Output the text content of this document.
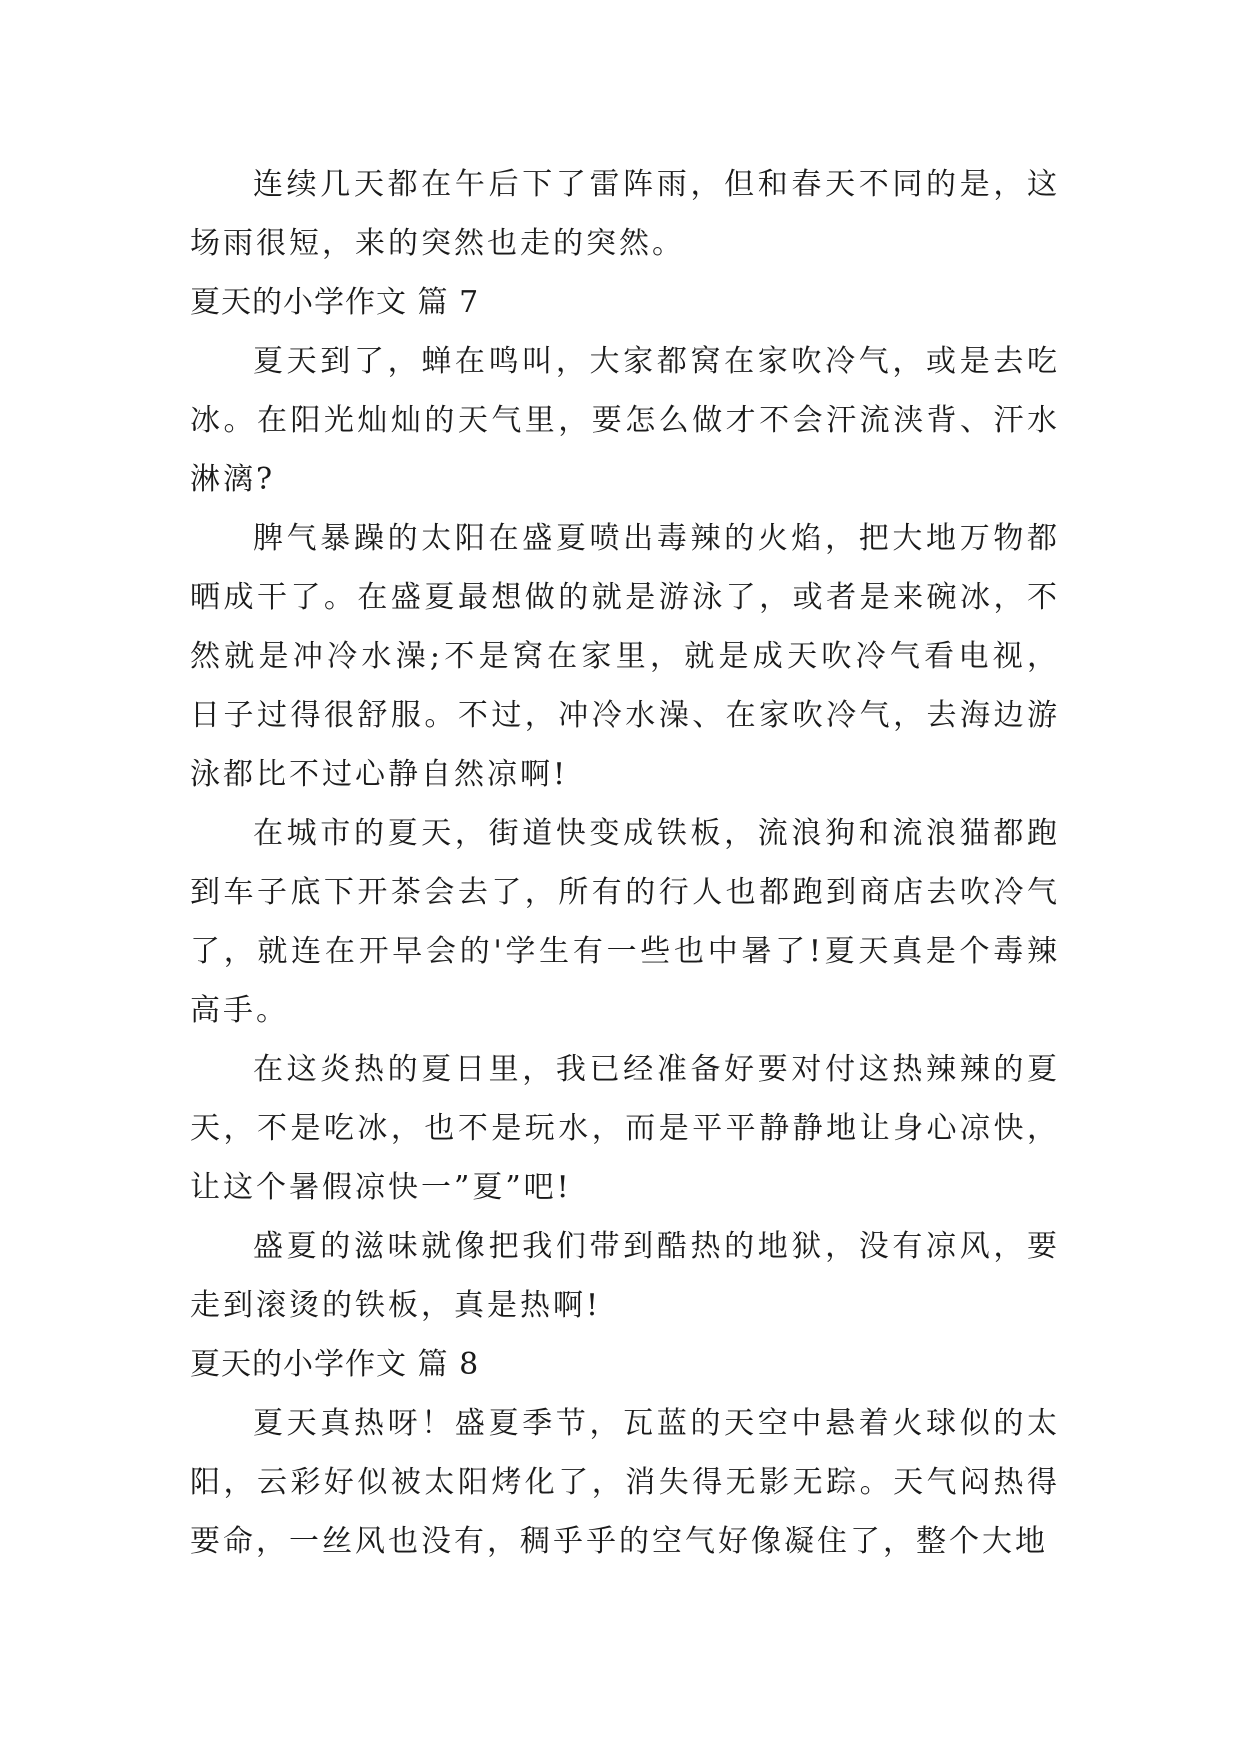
连续几天都在午后下了雷阵雨，但和春天不同的是，这场雨很短，来的突然也走的突然。

夏天的小学作文 篇 7

夏天到了，蝉在鸣叫，大家都窝在家吹冷气，或是去吃冰。在阳光灿灿的天气里，要怎么做才不会汗流浃背、汗水淋漓?

脾气暴躁的太阳在盛夏喷出毒辣的火焰，把大地万物都晒成干了。在盛夏最想做的就是游泳了，或者是来碗冰，不然就是冲冷水澡;不是窝在家里，就是成天吹冷气看电视，日子过得很舒服。不过，冲冷水澡、在家吹冷气，去海边游泳都比不过心静自然凉啊!

在城市的夏天，街道快变成铁板，流浪狗和流浪猫都跑到车子底下开茶会去了，所有的行人也都跑到商店去吹冷气了，就连在开早会的'学生有一些也中暑了!夏天真是个毒辣高手。

在这炎热的夏日里，我已经准备好要对付这热辣辣的夏天，不是吃冰，也不是玩水，而是平平静静地让身心凉快，让这个暑假凉快一”夏”吧!

盛夏的滋味就像把我们带到酷热的地狱，没有凉风，要走到滚烫的铁板，真是热啊!

夏天的小学作文 篇 8

夏天真热呀！盛夏季节，瓦蓝的天空中悬着火球似的太阳，云彩好似被太阳烤化了，消失得无影无踪。天气闷热得要命，一丝风也没有，稠乎乎的空气好像凝住了，整个大地
